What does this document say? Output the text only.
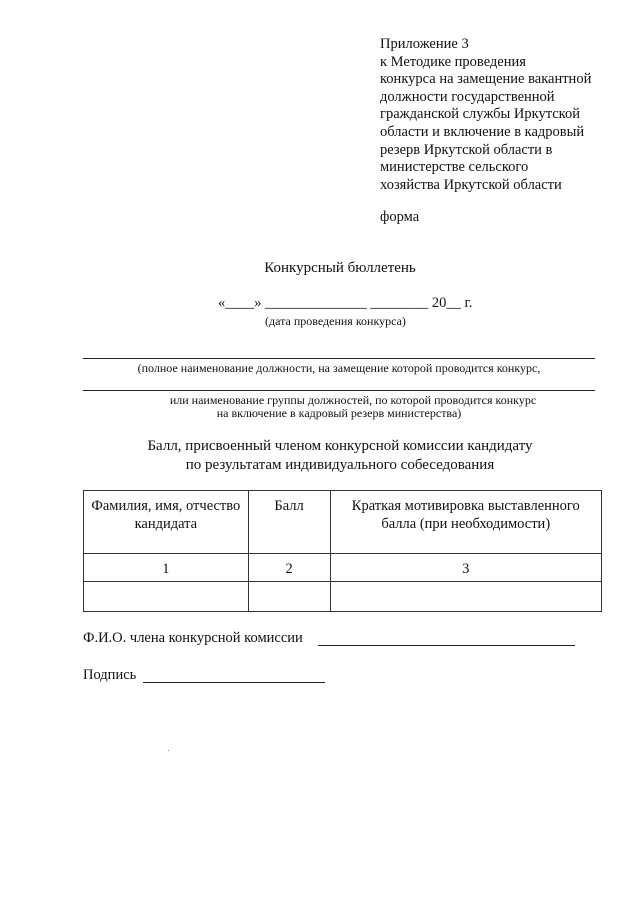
Приложение 3
к Методике проведения
конкурса на замещение вакантной
должности государственной
гражданской службы Иркутской
области и включение в кадровый
резерв Иркутской области в
министерстве сельского
хозяйства Иркутской области
форма
Конкурсный бюллетень
«____» ______________ ________ 20__ г.
(дата проведения конкурса)
(полное наименование должности, на замещение которой проводится конкурс,
или наименование группы должностей, по которой проводится конкурс
на включение в кадровый резерв министерства)
Балл, присвоенный членом конкурсной комиссии кандидату
по результатам индивидуального собеседования
Фамилия, имя, отчество кандидата	Балл	Краткая мотивировка выставленного балла (при необходимости)
1	2	3

Ф.И.О. члена конкурсной комиссии
Подпись
